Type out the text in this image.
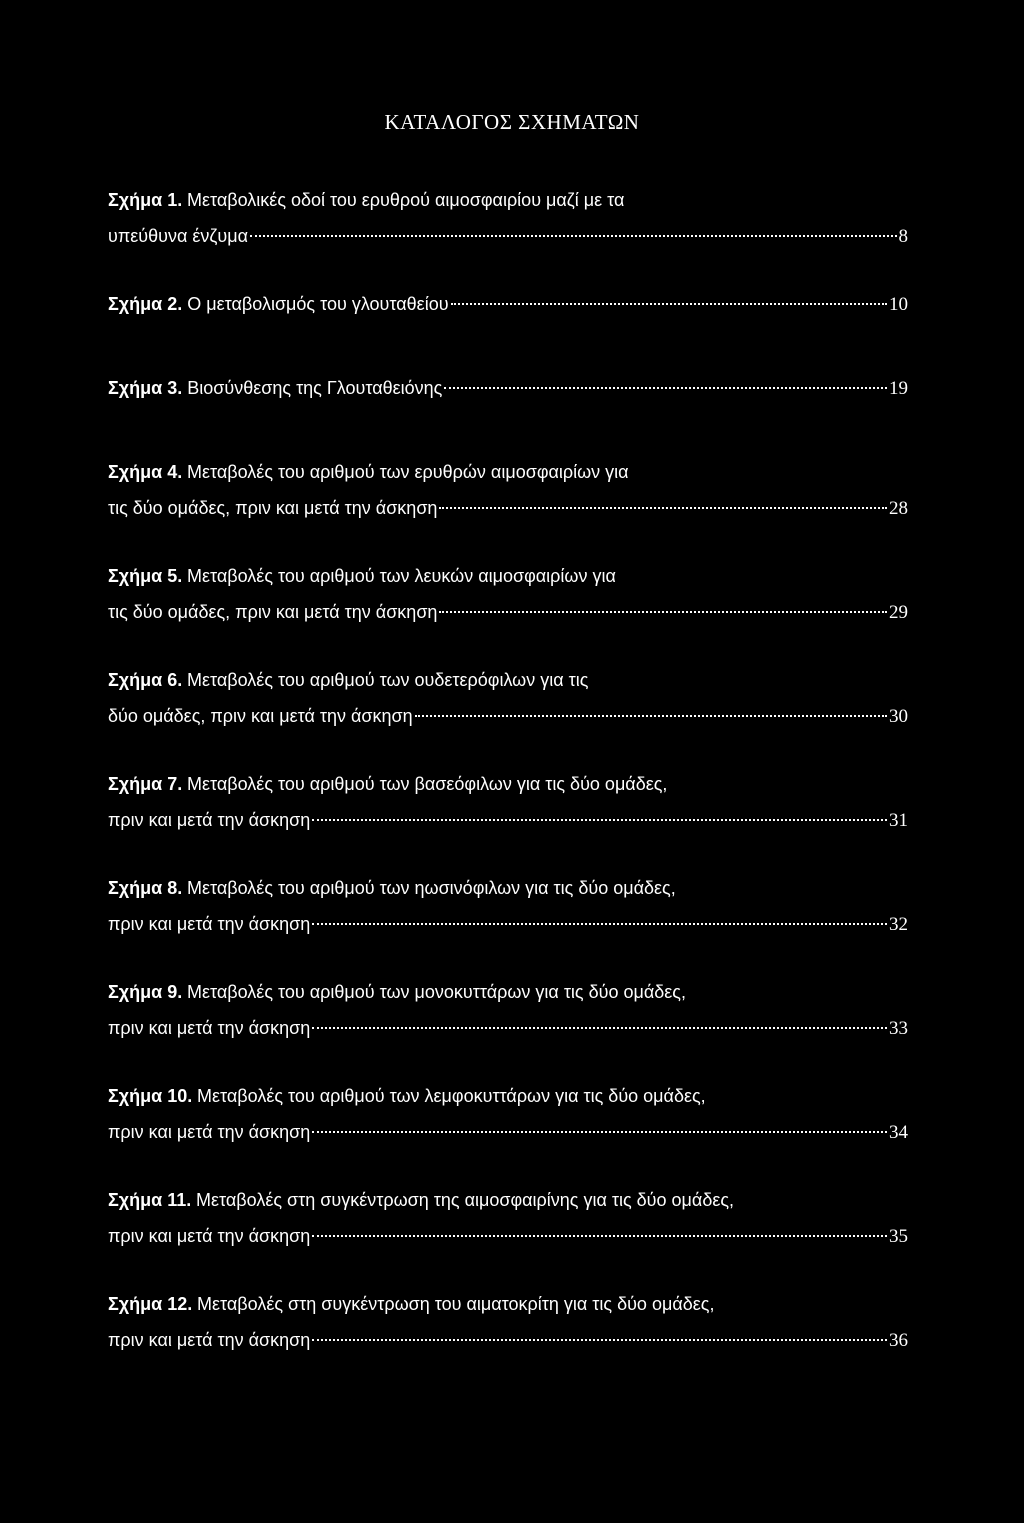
ΚΑΤΑΛΟΓΟΣ ΣΧΗΜΑΤΩΝ
Σχήμα 1. Μεταβολικές οδοί του ερυθρού αιμοσφαιρίου μαζί με τα
υπεύθυνα ένζυμα	8
Σχήμα 2. Ο μεταβολισμός του γλουταθείου	10
Σχήμα 3. Βιοσύνθεσης της Γλουταθειόνης	19
Σχήμα 4. Μεταβολές του αριθμού των ερυθρών αιμοσφαιρίων για
τις δύο ομάδες, πριν και μετά την άσκηση	28
Σχήμα 5. Μεταβολές του αριθμού των λευκών αιμοσφαιρίων για
τις δύο ομάδες, πριν και μετά την άσκηση	29
Σχήμα 6. Μεταβολές του αριθμού των ουδετερόφιλων για τις
δύο ομάδες, πριν και μετά την άσκηση	30
Σχήμα 7. Μεταβολές του αριθμού των βασεόφιλων για τις δύο ομάδες,
πριν και μετά την άσκηση	31
Σχήμα 8. Μεταβολές του αριθμού των ηωσινόφιλων για τις δύο ομάδες,
πριν και μετά την άσκηση	32
Σχήμα 9. Μεταβολές του αριθμού των μονοκυττάρων για τις δύο ομάδες,
πριν και μετά την άσκηση	33
Σχήμα 10. Μεταβολές του αριθμού των λεμφοκυττάρων για τις δύο ομάδες,
πριν και μετά την άσκηση	34
Σχήμα 11. Μεταβολές στη συγκέντρωση της αιμοσφαιρίνης για τις δύο ομάδες,
πριν και μετά την άσκηση	35
Σχήμα 12. Μεταβολές στη συγκέντρωση του αιματοκρίτη για τις δύο ομάδες,
πριν και μετά την άσκηση	36
